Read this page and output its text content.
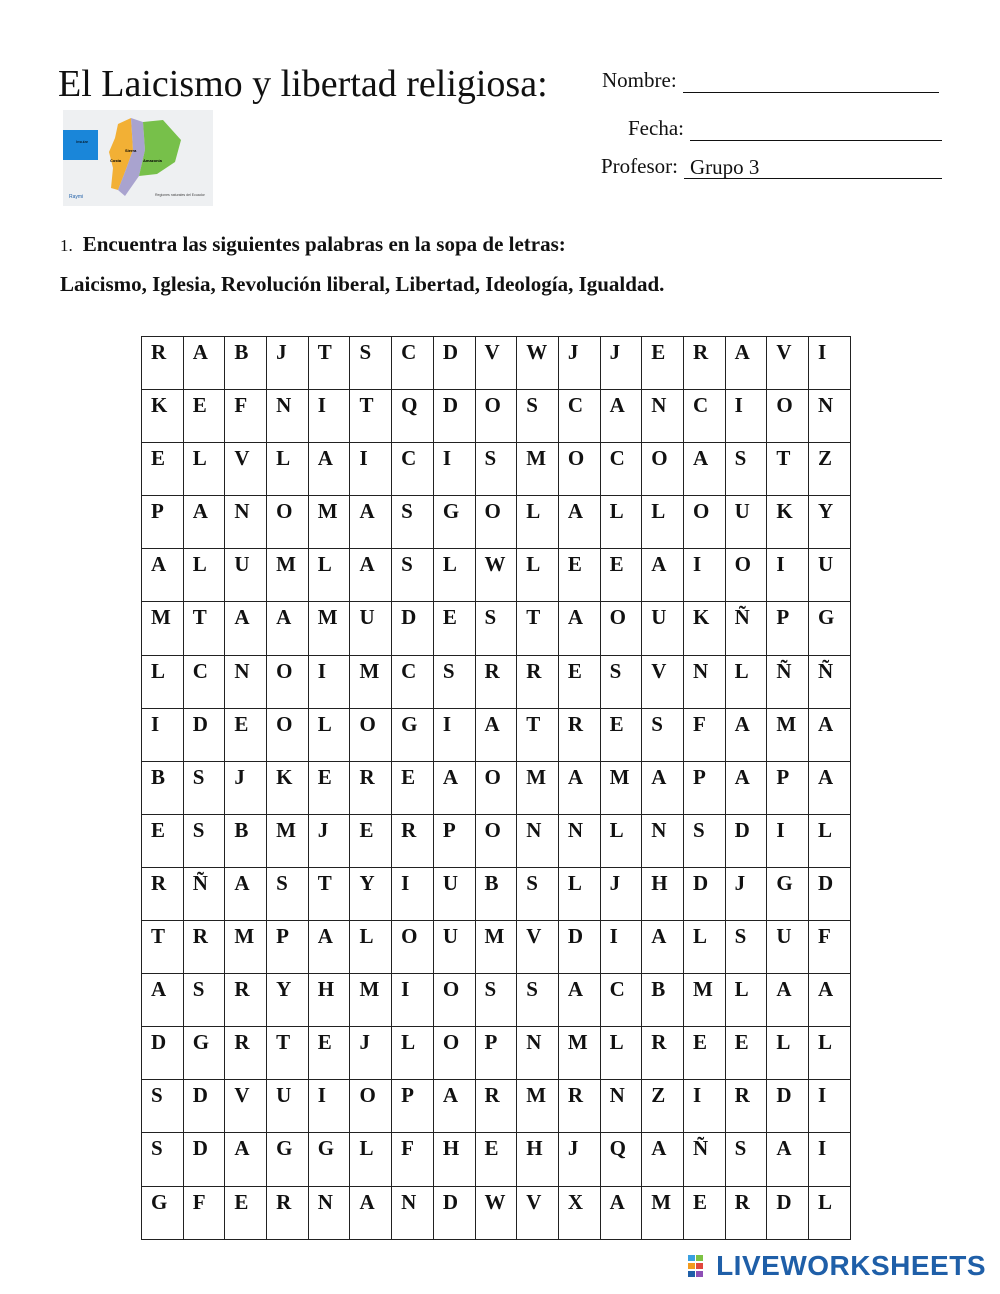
El Laicismo y libertad religiosa:
Insular
Sierra
Costa	Amazonía
Raymi	Regiones naturales del Ecuador
Nombre:
Fecha:
Profesor: Grupo 3
1. Encuentra las siguientes palabras en la sopa de letras:
Laicismo, Iglesia, Revolución liberal, Libertad, Ideología, Igualdad.
R	A	B	J	T	S	C	D	V	W	J	J	E	R	A	V	I

K	E	F	N	I	T	Q	D	O	S	C	A	N	C	I	O	N

E	L	V	L	A	I	C	I	S	M	O	C	O	A	S	T	Z

P	A	N	O	M	A	S	G	O	L	A	L	L	O	U	K	Y

A	L	U	M	L	A	S	L	W	L	E	E	A	I	O	I	U

M	T	A	A	M	U	D	E	S	T	A	O	U	K	Ñ	P	G

L	C	N	O	I	M	C	S	R	R	E	S	V	N	L	Ñ	Ñ

I	D	E	O	L	O	G	I	A	T	R	E	S	F	A	M	A

B	S	J	K	E	R	E	A	O	M	A	M	A	P	A	P	A

E	S	B	M	J	E	R	P	O	N	N	L	N	S	D	I	L

R	Ñ	A	S	T	Y	I	U	B	S	L	J	H	D	J	G	D

T	R	M	P	A	L	O	U	M	V	D	I	A	L	S	U	F

A	S	R	Y	H	M	I	O	S	S	A	C	B	M	L	A	A

D	G	R	T	E	J	L	O	P	N	M	L	R	E	E	L	L

S	D	V	U	I	O	P	A	R	M	R	N	Z	I	R	D	I

S	D	A	G	G	L	F	H	E	H	J	Q	A	Ñ	S	A	I

G	F	E	R	N	A	N	D	W	V	X	A	M	E	R	D	L
LIVEWORKSHEETS
